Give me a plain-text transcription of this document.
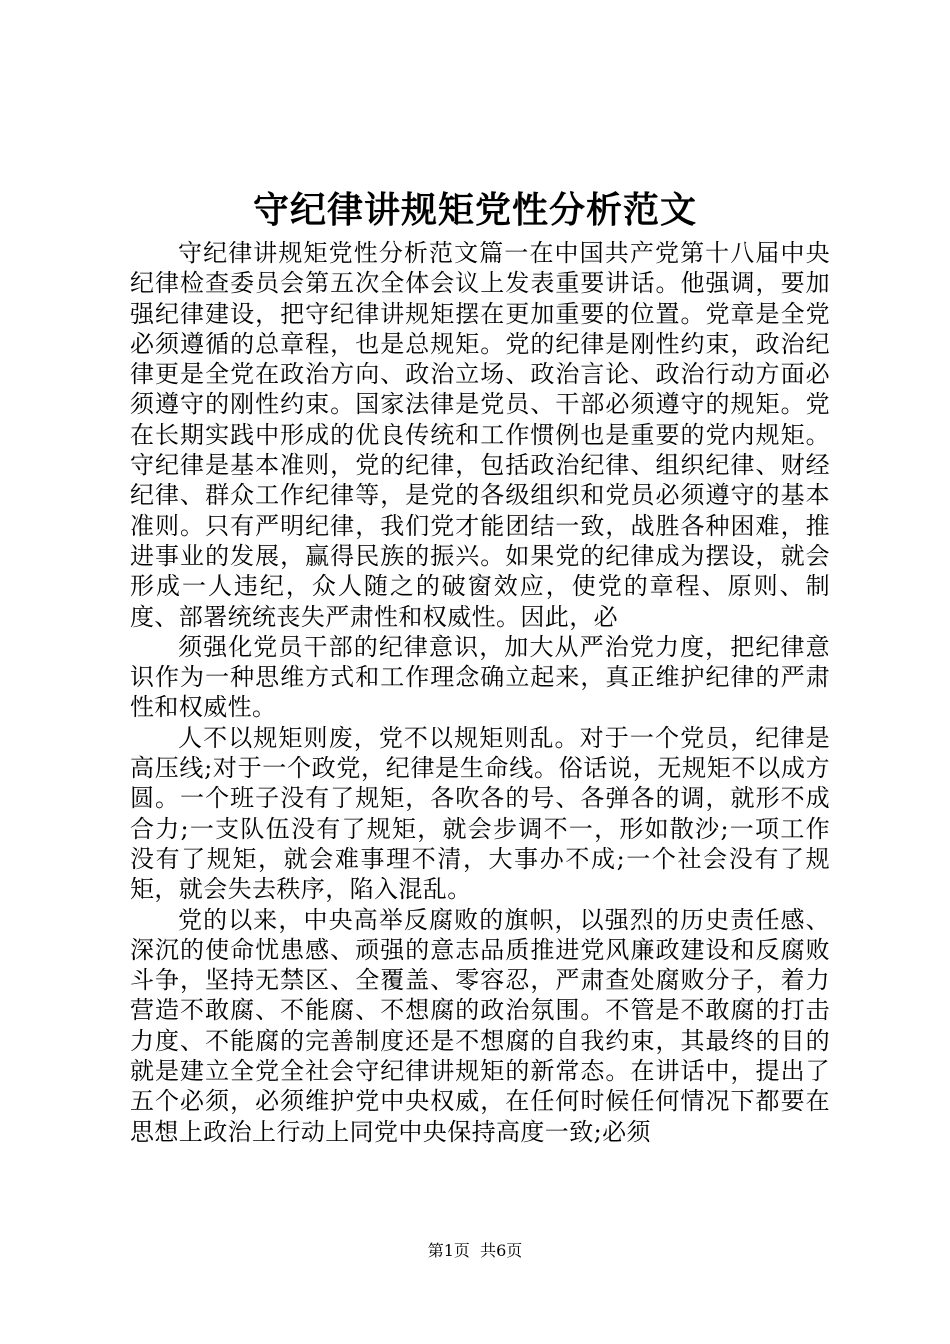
守纪律讲规矩党性分析范文

守纪律讲规矩党性分析范文篇一在中国共产党第十八届中央纪律检查委员会第五次全体会议上发表重要讲话。他强调，要加强纪律建设，把守纪律讲规矩摆在更加重要的位置。党章是全党必须遵循的总章程，也是总规矩。党的纪律是刚性约束，政治纪律更是全党在政治方向、政治立场、政治言论、政治行动方面必须遵守的刚性约束。国家法律是党员、干部必须遵守的规矩。党在长期实践中形成的优良传统和工作惯例也是重要的党内规矩。守纪律是基本准则，党的纪律，包括政治纪律、组织纪律、财经纪律、群众工作纪律等，是党的各级组织和党员必须遵守的基本准则。只有严明纪律，我们党才能团结一致，战胜各种困难，推进事业的发展，赢得民族的振兴。如果党的纪律成为摆设，就会形成一人违纪，众人随之的破窗效应，使党的章程、原则、制度、部署统统丧失严肃性和权威性。因此，必

须强化党员干部的纪律意识，加大从严治党力度，把纪律意识作为一种思维方式和工作理念确立起来，真正维护纪律的严肃性和权威性。

人不以规矩则废，党不以规矩则乱。对于一个党员，纪律是高压线;对于一个政党，纪律是生命线。俗话说，无规矩不以成方圆。一个班子没有了规矩，各吹各的号、各弹各的调，就形不成合力;一支队伍没有了规矩，就会步调不一，形如散沙;一项工作没有了规矩，就会难事理不清，大事办不成;一个社会没有了规矩，就会失去秩序，陷入混乱。

党的以来，中央高举反腐败的旗帜，以强烈的历史责任感、深沉的使命忧患感、顽强的意志品质推进党风廉政建设和反腐败斗争，坚持无禁区、全覆盖、零容忍，严肃查处腐败分子，着力营造不敢腐、不能腐、不想腐的政治氛围。不管是不敢腐的打击力度、不能腐的完善制度还是不想腐的自我约束，其最终的目的就是建立全党全社会守纪律讲规矩的新常态。在讲话中，提出了五个必须，必须维护党中央权威，在任何时候任何情况下都要在思想上政治上行动上同党中央保持高度一致;必须

第1页  共6页
